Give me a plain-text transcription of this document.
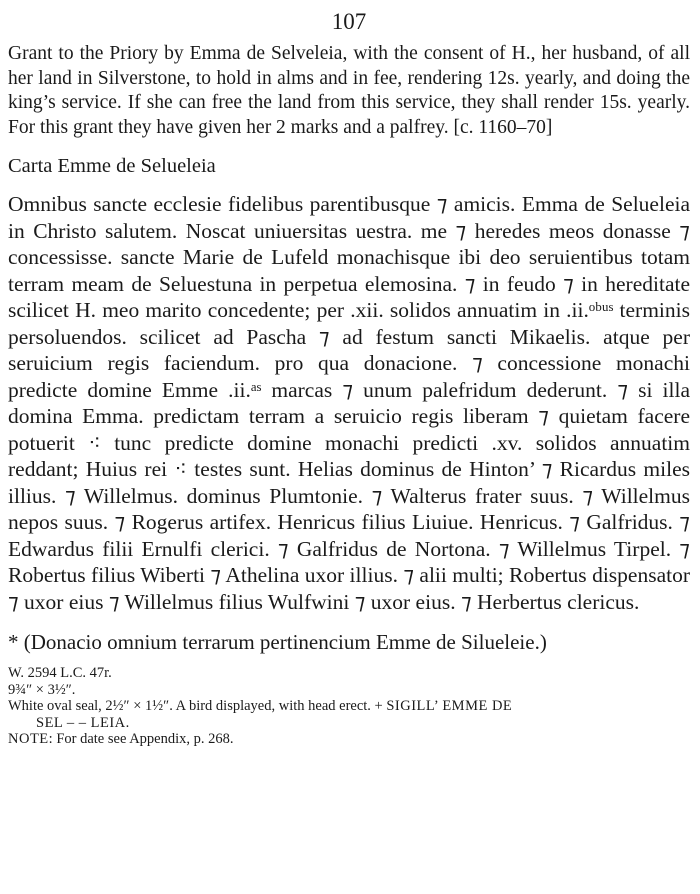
107

Grant to the Priory by Emma de Selveleia, with the consent of H., her husband, of all her land in Silverstone, to hold in alms and in fee, rendering 12s. yearly, and doing the king’s service. If she can free the land from this service, they shall render 15s. yearly. For this grant they have given her 2 marks and a palfrey. [c. 1160–70]

Carta Emme de Selueleia

Omnibus sancte ecclesie fidelibus parentibusque ⁊ amicis. Emma de Selueleia in Christo salutem. Noscat uniuersitas uestra. me ⁊ heredes meos donasse ⁊ concessisse. sancte Marie de Lufeld monachisque ibi deo seruientibus totam terram meam de Seluestuna in perpetua elemosina. ⁊ in feudo ⁊ in hereditate scilicet H. meo marito concedente; per .xii. solidos annuatim in .ii.ᵒᵇᵘˢ terminis persoluendos. scilicet ad Pascha ⁊ ad festum sancti Mikaelis. atque per seruicium regis faciendum. pro qua donacione. ⁊ concessione monachi predicte domine Emme .ii.ᵃˢ marcas ⁊ unum palefridum dederunt. ⁊ si illa domina Emma. predictam terram a seruicio regis liberam ⁊ quietam facere potuerit ⁖ tunc predicte domine monachi predicti .xv. solidos annuatim reddant; Huius rei ⁖ testes sunt. Helias dominus de Hinton’ ⁊ Ricardus miles illius. ⁊ Willelmus. dominus Plumtonie. ⁊ Walterus frater suus. ⁊ Willelmus nepos suus. ⁊ Rogerus artifex. Henricus filius Liuiue. Henricus. ⁊ Galfridus. ⁊ Edwardus filii Ernulfi clerici. ⁊ Galfridus de Nortona. ⁊ Willelmus Tirpel. ⁊ Robertus filius Wiberti ⁊ Athelina uxor illius. ⁊ alii multi; Robertus dispensator ⁊ uxor eius ⁊ Willelmus filius Wulfwini ⁊ uxor eius. ⁊ Herbertus clericus.

* (Donacio omnium terrarum pertinencium Emme de Silueleie.)
W. 2594 L.C. 47r.
9¾″ × 3½″.
White oval seal, 2½″ × 1½″. A bird displayed, with head erect. + SIGILL’ EMME DE
SEL – – LEIA.
NOTE: For date see Appendix, p. 268.
